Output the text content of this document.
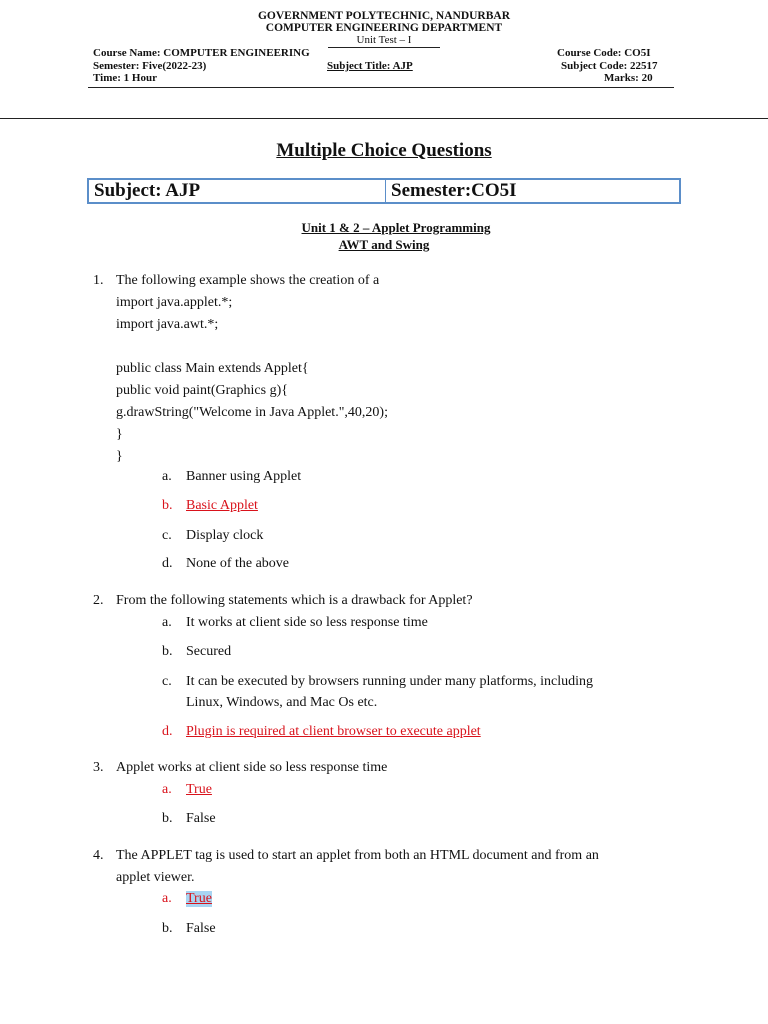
GOVERNMENT POLYTECHNIC, NANDURBAR
COMPUTER ENGINEERING DEPARTMENT
Unit Test – I
Course Name: COMPUTER ENGINEERING	Course Code: CO5I
Semester: Five(2022-23)	Subject Title: AJP	Subject Code: 22517
Time: 1 Hour	Marks: 20
Multiple Choice Questions
Subject: AJP	Semester:CO5I
Unit 1 & 2 – Applet Programming
AWT and Swing
1. The following example shows the creation of a
import java.applet.*;
import java.awt.*;
public class Main extends Applet{
public void paint(Graphics g){
g.drawString("Welcome in Java Applet.",40,20);
}
}
a. Banner using Applet
b. Basic Applet
c. Display clock
d. None of the above
2. From the following statements which is a drawback for Applet?
a. It works at client side so less response time
b. Secured
c. It can be executed by browsers running under many platforms, including
Linux, Windows, and Mac Os etc.
d. Plugin is required at client browser to execute applet
3. Applet works at client side so less response time
a. True
b. False
4. The APPLET tag is used to start an applet from both an HTML document and from an
applet viewer.
a. True
b. False
